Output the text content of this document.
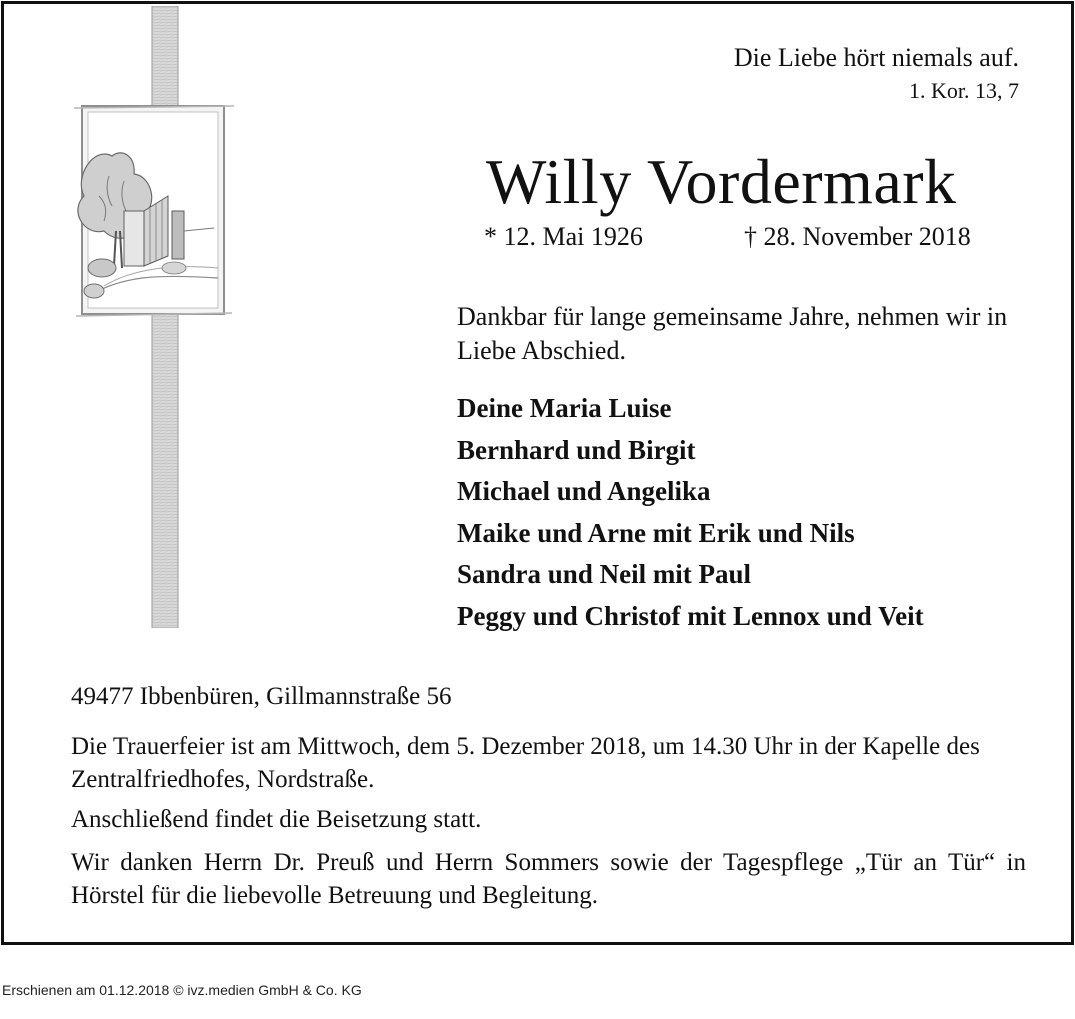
Die Liebe hört niemals auf.
1. Kor. 13, 7
Willy Vordermark
* 12. Mai 1926	† 28. November 2018
Dankbar für lange gemeinsame Jahre, nehmen wir in Liebe Abschied.
Deine Maria Luise
Bernhard und Birgit
Michael und Angelika
Maike und Arne mit Erik und Nils
Sandra und Neil mit Paul
Peggy und Christof mit Lennox und Veit
49477 Ibbenbüren, Gillmannstraße 56

Die Trauerfeier ist am Mittwoch, dem 5. Dezember 2018, um 14.30 Uhr in der Kapelle des Zentralfriedhofes, Nordstraße.

Anschließend findet die Beisetzung statt.

Wir danken Herrn Dr. Preuß und Herrn Sommers sowie der Tagespflege „Tür an Tür“ in Hörstel für die liebevolle Betreuung und Begleitung.

Erschienen am 01.12.2018 © ivz.medien GmbH & Co. KG
